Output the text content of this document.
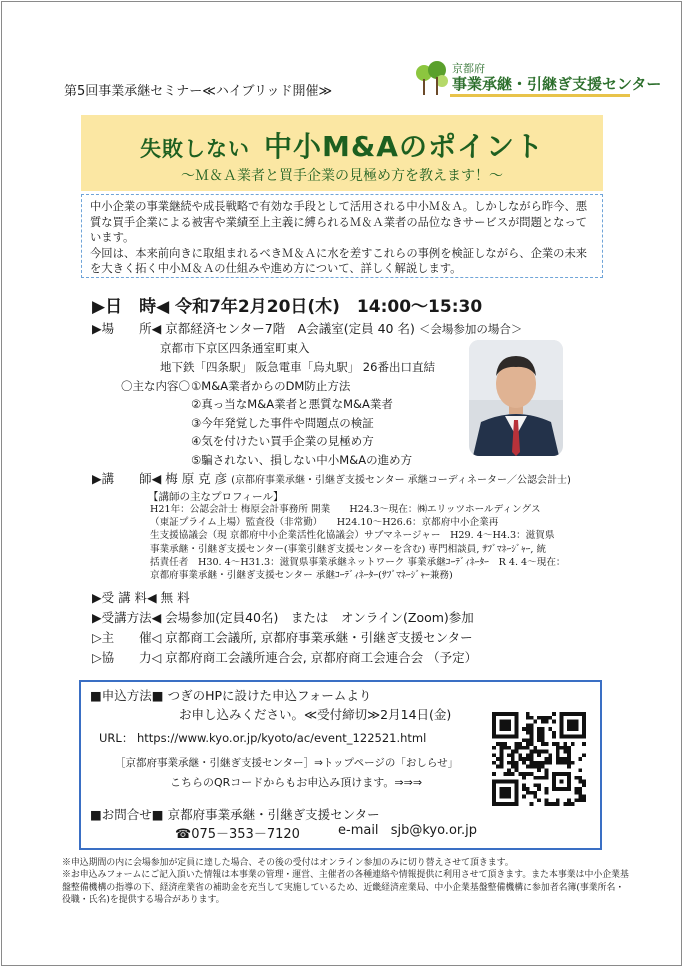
第5回事業承継セミナー≪ハイブリッド開催≫
京都府
事業承継・引継ぎ支援センター
失敗しない 中小M&Aのポイント
～Ｍ＆Ａ業者と買手企業の見極め方を教えます！～

中小企業の事業継続や成長戦略で有効な手段として活用される中小Ｍ＆Ａ。しかしながら昨今、悪質な買手企業による被害や業績至上主義に縛られるＭ＆Ａ業者の品位なきサービスが問題となっています。

今回は、本来前向きに取組まれるべきＭ＆Ａに水を差すこれらの事例を検証しながら、企業の未来を大きく拓く中小Ｍ＆Ａの仕組みや進め方について、詳しく解説します。

▶日　時◀ 令和7年2月20日(木)　14:00～15:30
▶場　　所◀ 京都経済センター7階　A会議室(定員 40 名) ＜会場参加の場合＞
京都市下京区四条通室町東入
地下鉄「四条駅」 阪急電車「烏丸駅」 26番出口直結
〇主な内容〇 ①M&A業者からのDM防止方法
②真っ当なM&A業者と悪質なM&A業者
③今年発覚した事件や問題点の検証
④気を付けたい買手企業の見極め方
⑤騙されない、損しない中小M&Aの進め方
▶講　　師◀ 梅 原 克 彦 (京都府事業承継・引継ぎ支援センター 承継コーディネーター／公認会計士)
【講師の主なプロフィール】

H21年：公認会計士 梅原会計事務所 開業　　H24.3～現在：㈱エリッツホールディングス

（東証プライム上場）監査役（非常勤）　　H24.10～H26.6：京都府中小企業再

生支援協議会（現 京都府中小企業活性化協議会）サブマネージャー　H29. 4～H4.3：滋賀県

事業承継・引継ぎ支援センター(事業引継ぎ支援センターを含む) 専門相談員, ｻﾌﾞﾏﾈｰｼﾞｬｰ, 統

括責任者　H30. 4～H31.3：滋賀県事業承継ネットワーク 事業承継ｺｰﾃﾞｨﾈｰﾀｰ　R 4. 4～現在：

京都府事業承継・引継ぎ支援センター 承継ｺｰﾃﾞｨﾈｰﾀｰ(ｻﾌﾞﾏﾈｰｼﾞｬｰ兼務)

▶受 講 料◀ 無 料
▶受講方法◀ 会場参加(定員40名)　または　オンライン(Zoom)参加
▷主　　催◁ 京都商工会議所, 京都府事業承継・引継ぎ支援センター
▷協　　力◁ 京都府商工会議所連合会, 京都府商工会連合会 （予定）
■申込方法■ つぎのHPに設けた申込フォームより
お申し込みください。≪受付締切≫2月14日(金)
URL： https://www.kyo.or.jp/kyoto/ac/event_122521.html
［京都府事業承継・引継ぎ支援センター］⇒トップページの「おしらせ」
こちらのQRコードからもお申込み頂けます。⇒⇒⇒
■お問合せ■ 京都府事業承継・引継ぎ支援センター
☎075－353－7120	e-mail sjb@kyo.or.jp

※申込期間の内に会場参加が定員に達した場合、その後の受付はオンライン参加のみに切り替えさせて頂きます。

※お申込みフォームにご記入頂いた情報は本事業の管理・運営、主催者の各種連絡や情報提供に利用させて頂きます。また本事業は中小企業基盤整備機構の指導の下、経済産業省の補助金を充当して実施しているため、近畿経済産業局、中小企業基盤整備機構に参加者名簿(事業所名・役職・氏名)を提供する場合があります。
